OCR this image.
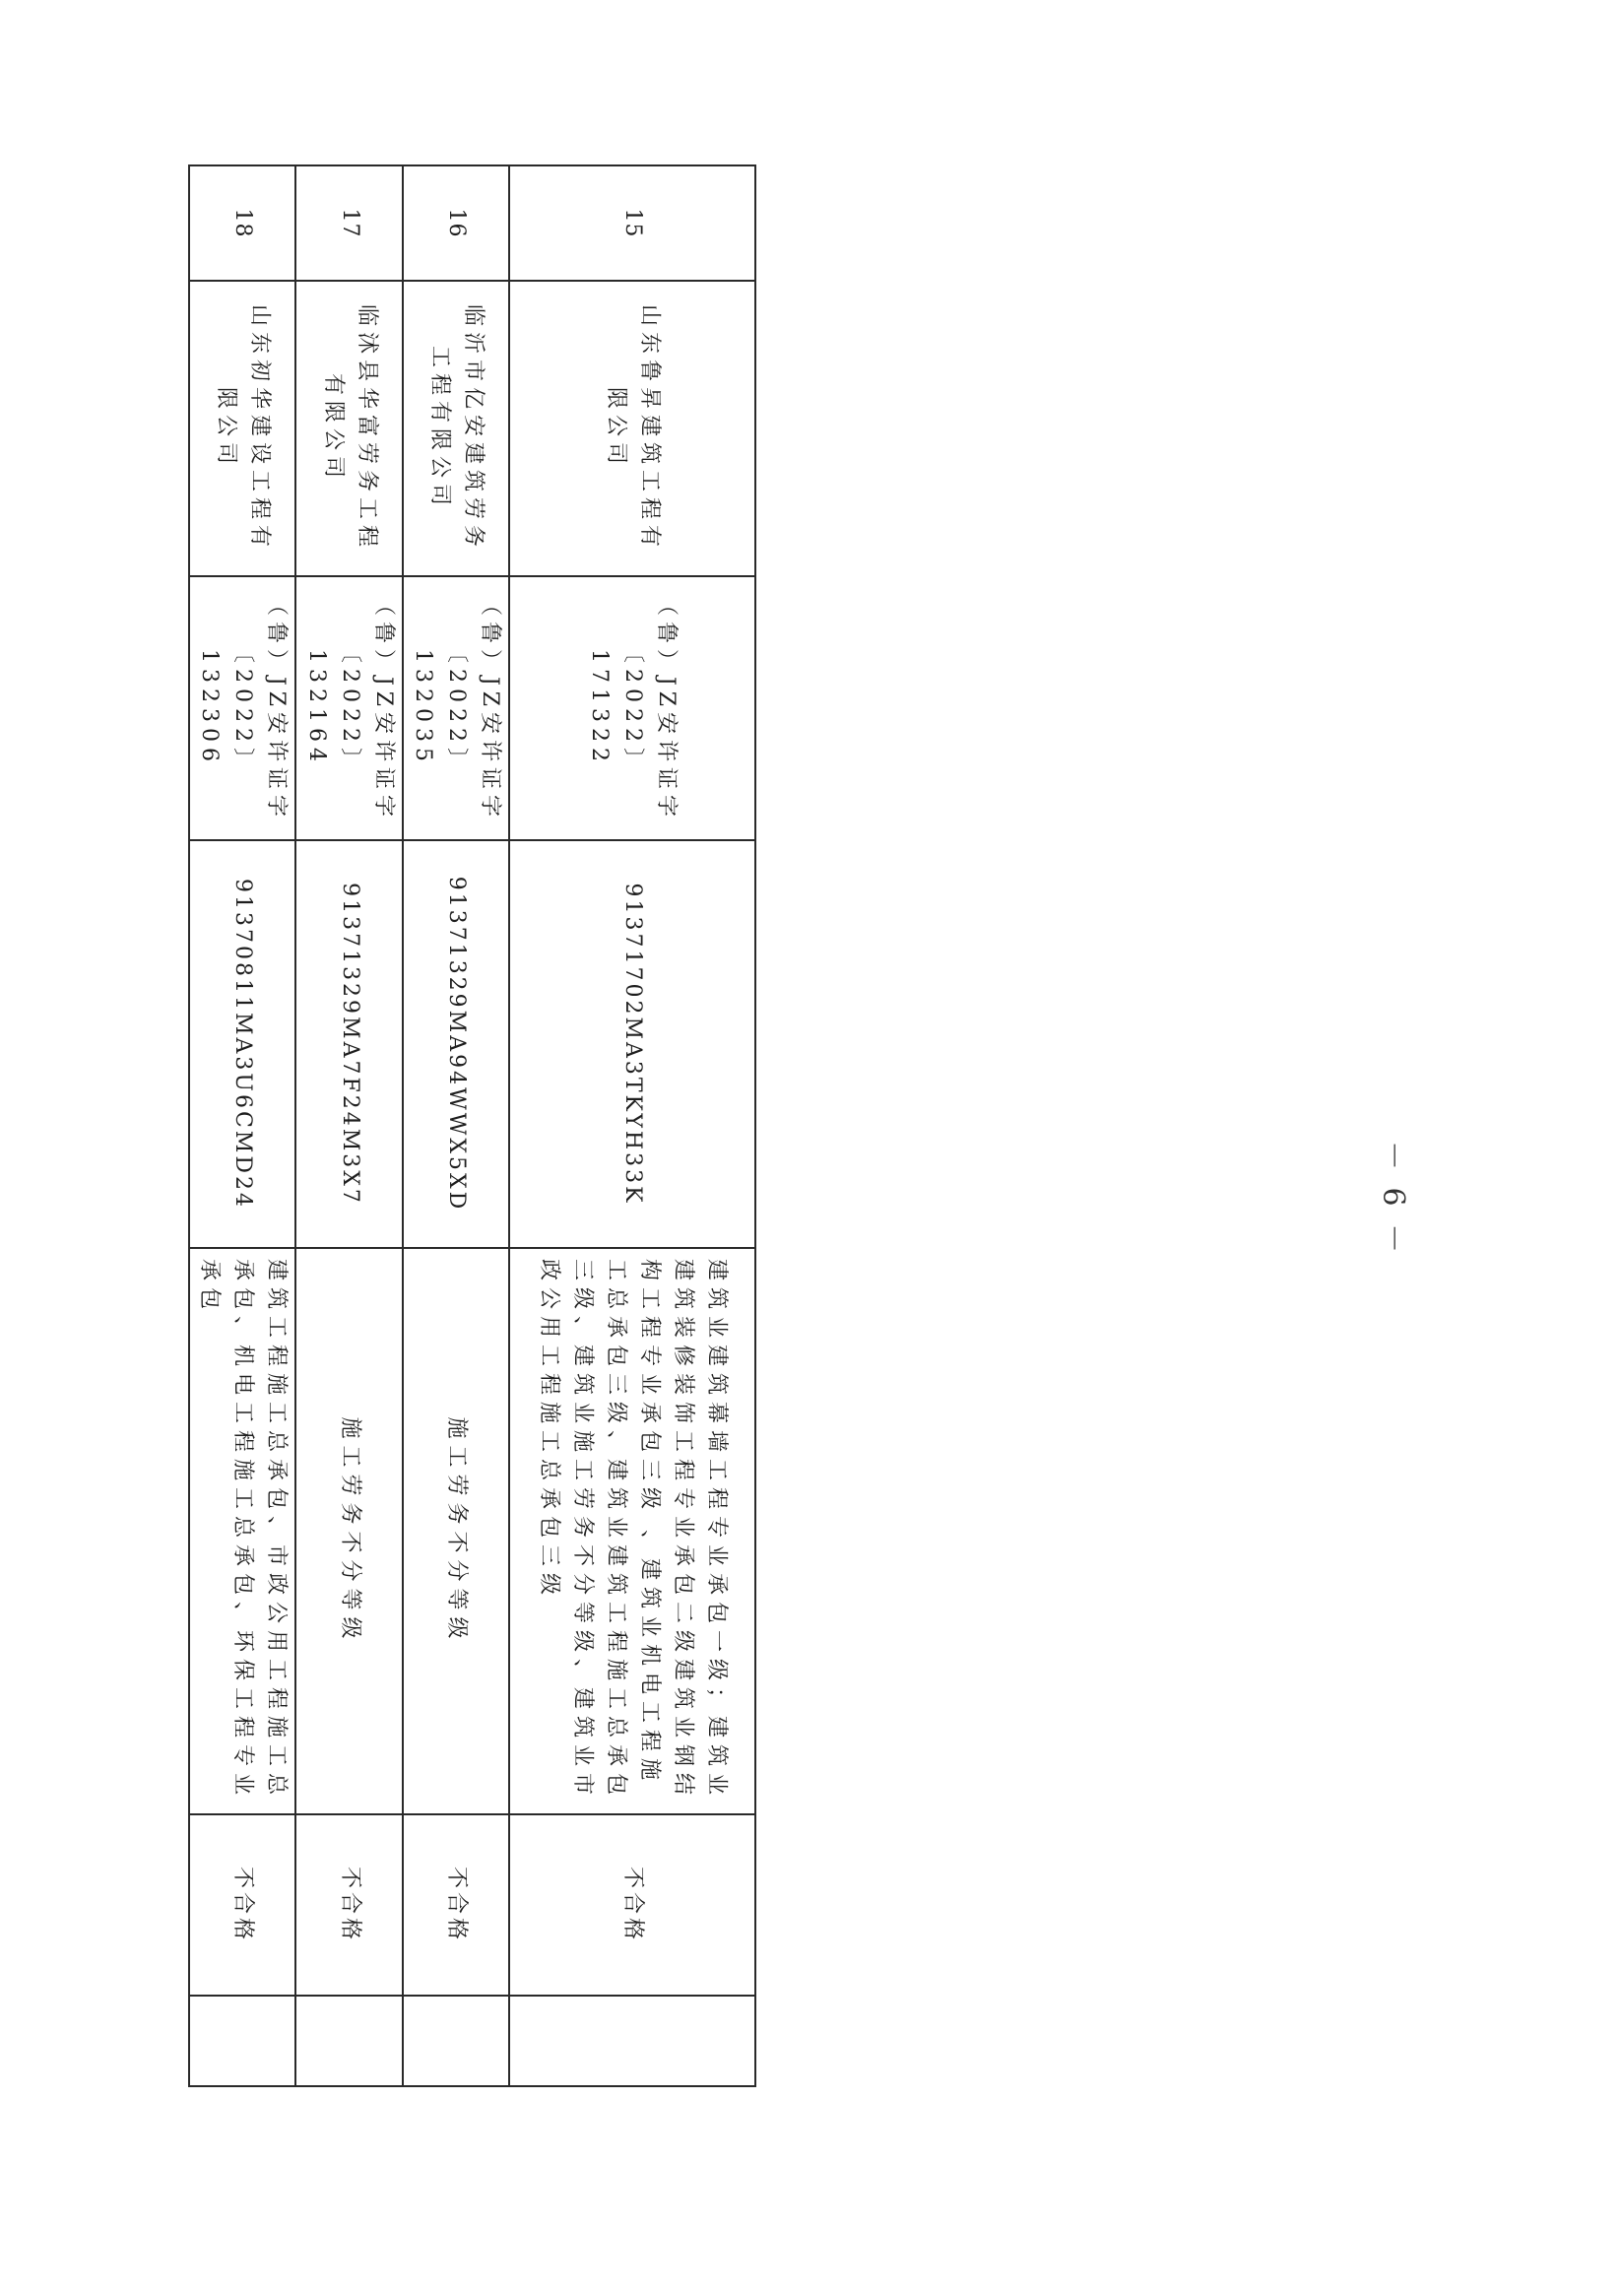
15	山东鲁昇建筑工程有限公司	（鲁）JZ安许证字〔2022〕171322	91371702MA3TKYH33K	建筑业建筑幕墙工程专业承包一级；建筑业建筑装修装饰工程专业承包二级建筑业钢结构工程专业承包三级 、建筑业机电工程施工总承包三级、建筑业建筑工程施工总承包三级、建筑业施工劳务不分等级、建筑业市政公用工程施工总承包三级	不合格	
16	临沂市亿安建筑劳务工程有限公司	（鲁）JZ安许证字〔2022〕132035	91371329MA94WWX5XD	施工劳务不分等级	不合格	
17	临沭县华富劳务工程有限公司	（鲁）JZ安许证字〔2022〕132164	91371329MA7F24M3X7	施工劳务不分等级	不合格	
18	山东初华建设工程有限公司	（鲁）JZ安许证字〔2022〕132306	91370811MA3U6CMD24	建筑工程施工总承包、市政公用工程施工总承包、机电工程施工总承包、环保工程专业承包	不合格	
－ 6 －
